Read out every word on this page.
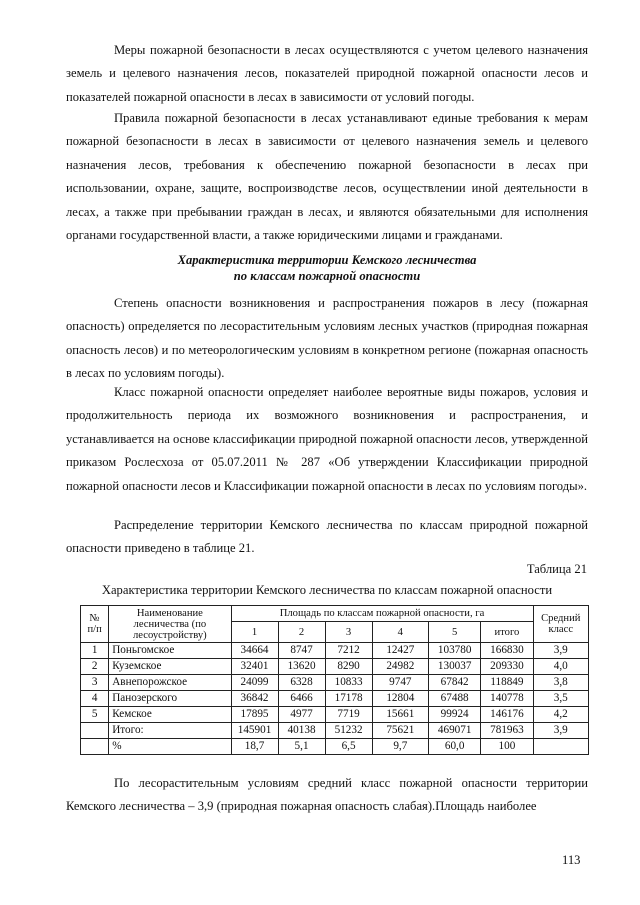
Меры пожарной безопасности в лесах осуществляются с учетом целевого назначения земель и целевого назначения лесов, показателей природной пожарной опасности лесов и показателей пожарной опасности в лесах в зависимости от условий погоды.

Правила пожарной безопасности в лесах устанавливают единые требования к мерам пожарной безопасности в лесах в зависимости от целевого назначения земель и целевого назначения лесов, требования к обеспечению пожарной безопасности в лесах при использовании, охране, защите, воспроизводстве лесов, осуществлении иной деятельности в лесах, а также при пребывании граждан в лесах, и являются обязательными для исполнения органами государственной власти, а также юридическими лицами и гражданами.

Характеристика территории Кемского лесничества
по классам пожарной опасности

Степень опасности возникновения и распространения пожаров в лесу (пожарная опасность) определяется по лесорастительным условиям лесных участков (природная пожарная опасность лесов) и по метеорологическим условиям в конкретном регионе (пожарная опасность в лесах по условиям погоды).

Класс пожарной опасности определяет наиболее вероятные виды пожаров, условия и продолжительность периода их возможного возникновения и распространения, и устанавливается на основе классификации природной пожарной опасности лесов, утвержденной приказом Рослесхоза от 05.07.2011 № 287 «Об утверждении Классификации природной пожарной опасности лесов и Классификации пожарной опасности в лесах по условиям погоды».

Распределение территории Кемского лесничества по классам природной пожарной опасности приведено в таблице 21.

Таблица 21
Характеристика территории Кемского лесничества по классам пожарной опасности
№ п/п	Наименование лесничества (по лесоустройству)	Площадь по классам пожарной опасности, га						Средний класс
		1	2	3	4	5	итого	
1	Поньгомское	34664	8747	7212	12427	103780	166830	3,9
2	Куземское	32401	13620	8290	24982	130037	209330	4,0
3	Авнепорожское	24099	6328	10833	9747	67842	118849	3,8
4	Панозерского	36842	6466	17178	12804	67488	140778	3,5
5	Кемское	17895	4977	7719	15661	99924	146176	4,2
	Итого:	145901	40138	51232	75621	469071	781963	3,9
	%	18,7	5,1	6,5	9,7	60,0	100	

По лесорастительным условиям средний класс пожарной опасности территории Кемского лесничества – 3,9 (природная пожарная опасность слабая).Площадь наиболее

113
